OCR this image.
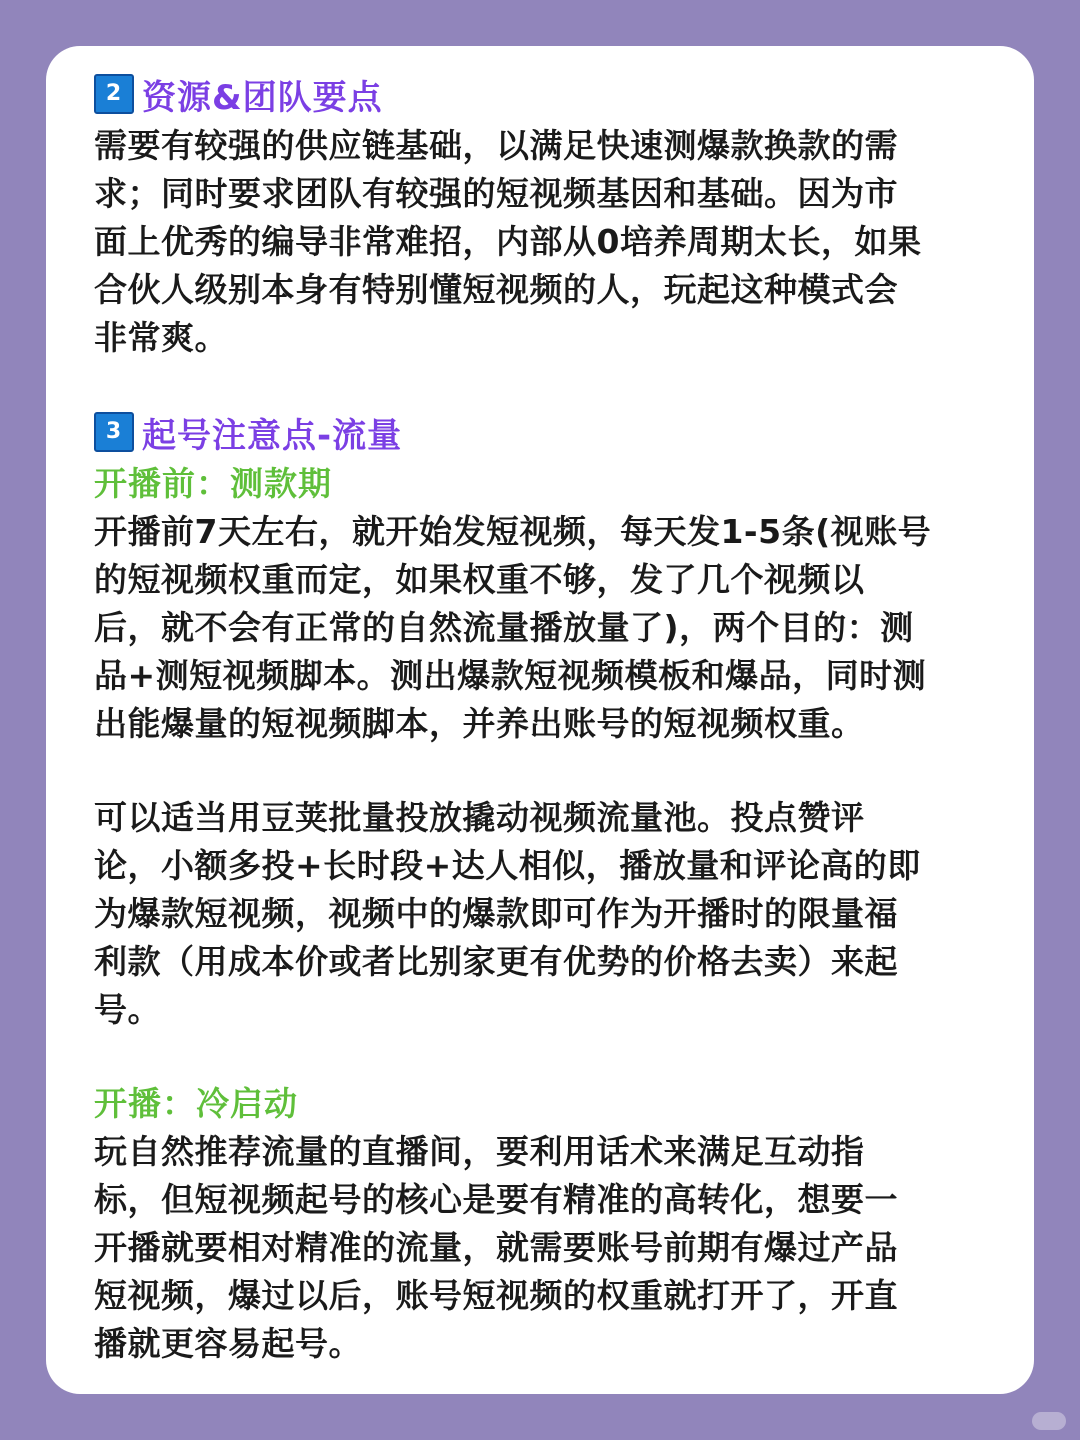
2 资源&团队要点

需要有较强的供应链基础，以满足快速测爆款换款的需
求；同时要求团队有较强的短视频基因和基础。因为市
面上优秀的编导非常难招，内部从0培养周期太长，如果
合伙人级别本身有特别懂短视频的人，玩起这种模式会
非常爽。

3 起号注意点-流量
开播前：测款期

开播前7天左右，就开始发短视频，每天发1-5条(视账号
的短视频权重而定，如果权重不够，发了几个视频以
后，就不会有正常的自然流量播放量了)，两个目的：测
品+测短视频脚本。测出爆款短视频模板和爆品，同时测
出能爆量的短视频脚本，并养出账号的短视频权重。

可以适当用豆荚批量投放撬动视频流量池。投点赞评
论，小额多投+长时段+达人相似，播放量和评论高的即
为爆款短视频，视频中的爆款即可作为开播时的限量福
利款（用成本价或者比别家更有优势的价格去卖）来起
号。

开播：冷启动

玩自然推荐流量的直播间，要利用话术来满足互动指
标，但短视频起号的核心是要有精准的高转化，想要一
开播就要相对精准的流量，就需要账号前期有爆过产品
短视频，爆过以后，账号短视频的权重就打开了，开直
播就更容易起号。
